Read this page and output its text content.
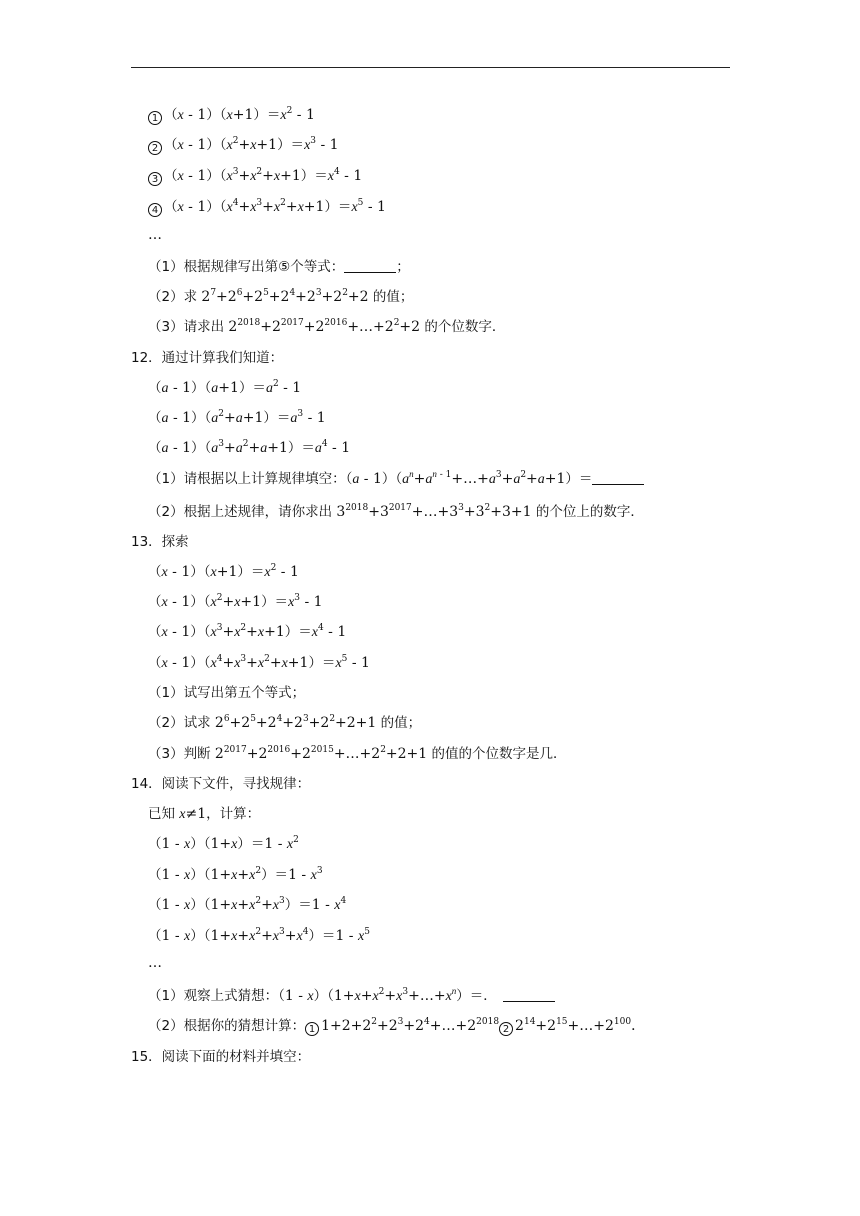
1 $(x - 1)(x+1)=x^2 - 1$
2 $(x - 1)(x^2+x+1)=x^3 - 1$
3 $(x - 1)(x^3+x^2+x+1)=x^4 - 1$
4 $(x - 1)(x^4+x^3+x^2+x+1)=x^5 - 1$
…
（1）根据规律写出第⑤个等式：	；
（2）求 $2^7+2^6+2^5+2^4+2^3+2^2+2$ 的值；
（3）请求出 $2^{2018}+2^{2017}+2^{2016}+\dots+2^2+2$ 的个位数字．
12．通过计算我们知道：
$(a - 1)(a+1)=a^2 - 1$
$(a - 1)(a^2+a+1)=a^3 - 1$
$(a - 1)(a^3+a^2+a+1)=a^4 - 1$
（1）请根据以上计算规律填空：$(a - 1)(a^n+a^{n - 1}+\dots+a^3+a^2+a+1)=$
（2）根据上述规律，请你求出 $3^{2018}+3^{2017}+\dots+3^3+3^2+3+1$ 的个位上的数字．
13．探索
$(x - 1)(x+1)=x^2 - 1$
$(x - 1)(x^2+x+1)=x^3 - 1$
$(x - 1)(x^3+x^2+x+1)=x^4 - 1$
$(x - 1)(x^4+x^3+x^2+x+1)=x^5 - 1$
（1）试写出第五个等式；
（2）试求 $2^6+2^5+2^4+2^3+2^2+2+1$ 的值；
（3）判断 $2^{2017}+2^{2016}+2^{2015}+\dots+2^2+2+1$ 的值的个位数字是几．
14．阅读下文件，寻找规律：
已知 x≠1，计算：
$(1 - x)(1+x)=1 - x^2$
$(1 - x)(1+x+x^2)=1 - x^3$
$(1 - x)(1+x+x^2+x^3)=1 - x^4$
$(1 - x)(1+x+x^2+x^3+x^4)=1 - x^5$
…
（1）观察上式猜想：$(1 - x)(1+x+x^2+x^3+\dots+x^n)=$．
（2）根据你的猜想计算： 1 $1+2+2^2+2^3+2^4+\dots+2^{2018}2$ $2^{14}+2^{15}+\dots+2^{100}$．
15．阅读下面的材料并填空：
